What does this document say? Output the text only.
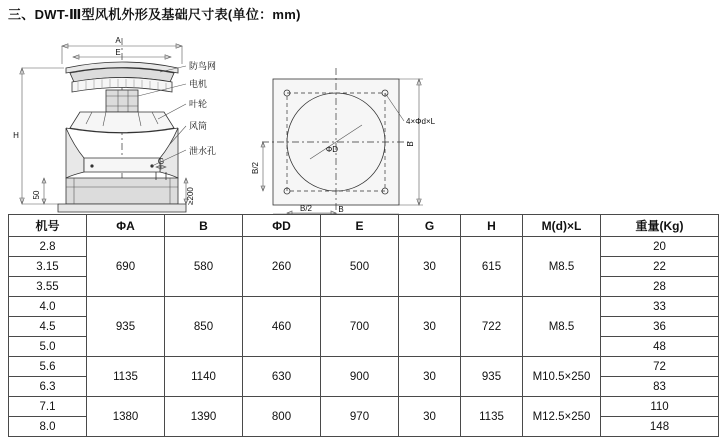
三、DWT-Ⅲ型风机外形及基础尺寸表(单位：mm)
A
E
H
50
G
≥200
防鸟网
电机
叶轮
风筒
泄水孔	ΦD
4×Φd×L
B
B/2
B/2	B
机号	ΦA	B	ΦD	E	G	H	M(d)×L	重量(Kg)
2.8	690	580	260	500	30	615	M8.5	20
3.15								22
3.55								28
4.0	935	850	460	700	30	722	M8.5	33
4.5								36
5.0								48
5.6	1135	1140	630	900	30	935	M10.5×250	72
6.3								83
7.1	1380	1390	800	970	30	1135	M12.5×250	110
8.0								148
